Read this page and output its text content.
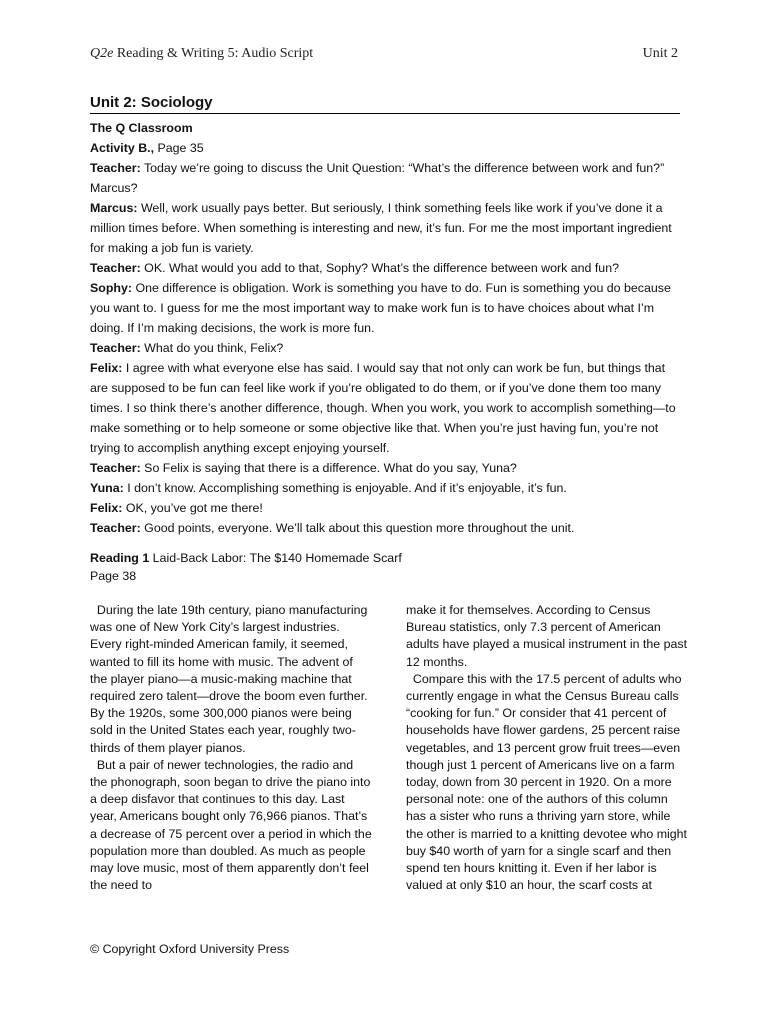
Q2e Reading & Writing 5: Audio Script	Unit 2
Unit 2: Sociology

The Q Classroom

Activity B., Page 35

Teacher: Today we’re going to discuss the Unit Question: “What’s the difference between work and fun?” Marcus?

Marcus: Well, work usually pays better. But seriously, I think something feels like work if you’ve done it a million times before. When something is interesting and new, it’s fun. For me the most important ingredient for making a job fun is variety.

Teacher: OK. What would you add to that, Sophy? What’s the difference between work and fun?

Sophy: One difference is obligation. Work is something you have to do. Fun is something you do because you want to. I guess for me the most important way to make work fun is to have choices about what I’m doing. If I’m making decisions, the work is more fun.

Teacher: What do you think, Felix?

Felix: I agree with what everyone else has said. I would say that not only can work be fun, but things that are supposed to be fun can feel like work if you’re obligated to do them, or if you’ve done them too many times. I so think there’s another difference, though. When you work, you work to accomplish something—to make something or to help someone or some objective like that. When you’re just having fun, you’re not trying to accomplish anything except enjoying yourself.

Teacher: So Felix is saying that there is a difference. What do you say, Yuna?

Yuna: I don’t know. Accomplishing something is enjoyable. And if it’s enjoyable, it’s fun.

Felix: OK, you’ve got me there!

Teacher: Good points, everyone. We’ll talk about this question more throughout the unit.

Reading 1 Laid-Back Labor: The $140 Homemade Scarf
Page 38

During the late 19th century, piano manufacturing was one of New York City’s largest industries. Every right-minded American family, it seemed, wanted to fill its home with music. The advent of the player piano—a music-making machine that required zero talent—drove the boom even further. By the 1920s, some 300,000 pianos were being sold in the United States each year, roughly two-thirds of them player pianos.

But a pair of newer technologies, the radio and the phonograph, soon began to drive the piano into a deep disfavor that continues to this day. Last year, Americans bought only 76,966 pianos. That’s a decrease of 75 percent over a period in which the population more than doubled. As much as people may love music, most of them apparently don’t feel the need to

make it for themselves. According to Census Bureau statistics, only 7.3 percent of American adults have played a musical instrument in the past 12 months.

Compare this with the 17.5 percent of adults who currently engage in what the Census Bureau calls “cooking for fun.” Or consider that 41 percent of households have flower gardens, 25 percent raise vegetables, and 13 percent grow fruit trees—even though just 1 percent of Americans live on a farm today, down from 30 percent in 1920. On a more personal note: one of the authors of this column has a sister who runs a thriving yarn store, while the other is married to a knitting devotee who might buy $40 worth of yarn for a single scarf and then spend ten hours knitting it. Even if her labor is valued at only $10 an hour, the scarf costs at

© Copyright Oxford University Press
